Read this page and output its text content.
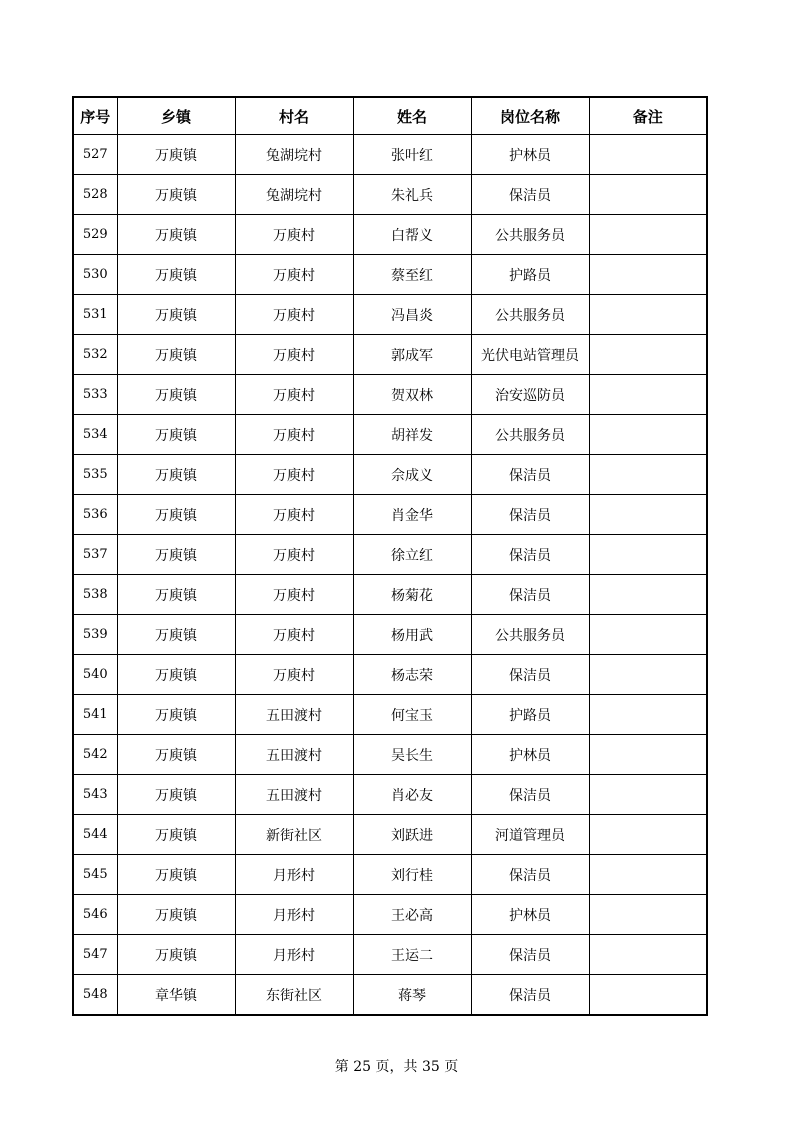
序号	乡镇	村名	姓名	岗位名称	备注
527	万庾镇	兔湖垸村	张叶红	护林员	
528	万庾镇	兔湖垸村	朱礼兵	保洁员	
529	万庾镇	万庾村	白帮义	公共服务员	
530	万庾镇	万庾村	蔡至红	护路员	
531	万庾镇	万庾村	冯昌炎	公共服务员	
532	万庾镇	万庾村	郭成军	光伏电站管理员	
533	万庾镇	万庾村	贺双林	治安巡防员	
534	万庾镇	万庾村	胡祥发	公共服务员	
535	万庾镇	万庾村	佘成义	保洁员	
536	万庾镇	万庾村	肖金华	保洁员	
537	万庾镇	万庾村	徐立红	保洁员	
538	万庾镇	万庾村	杨菊花	保洁员	
539	万庾镇	万庾村	杨用武	公共服务员	
540	万庾镇	万庾村	杨志荣	保洁员	
541	万庾镇	五田渡村	何宝玉	护路员	
542	万庾镇	五田渡村	吴长生	护林员	
543	万庾镇	五田渡村	肖必友	保洁员	
544	万庾镇	新街社区	刘跃进	河道管理员	
545	万庾镇	月形村	刘行桂	保洁员	
546	万庾镇	月形村	王必高	护林员	
547	万庾镇	月形村	王运二	保洁员	
548	章华镇	东街社区	蒋琴	保洁员	
第 25 页，共 35 页
